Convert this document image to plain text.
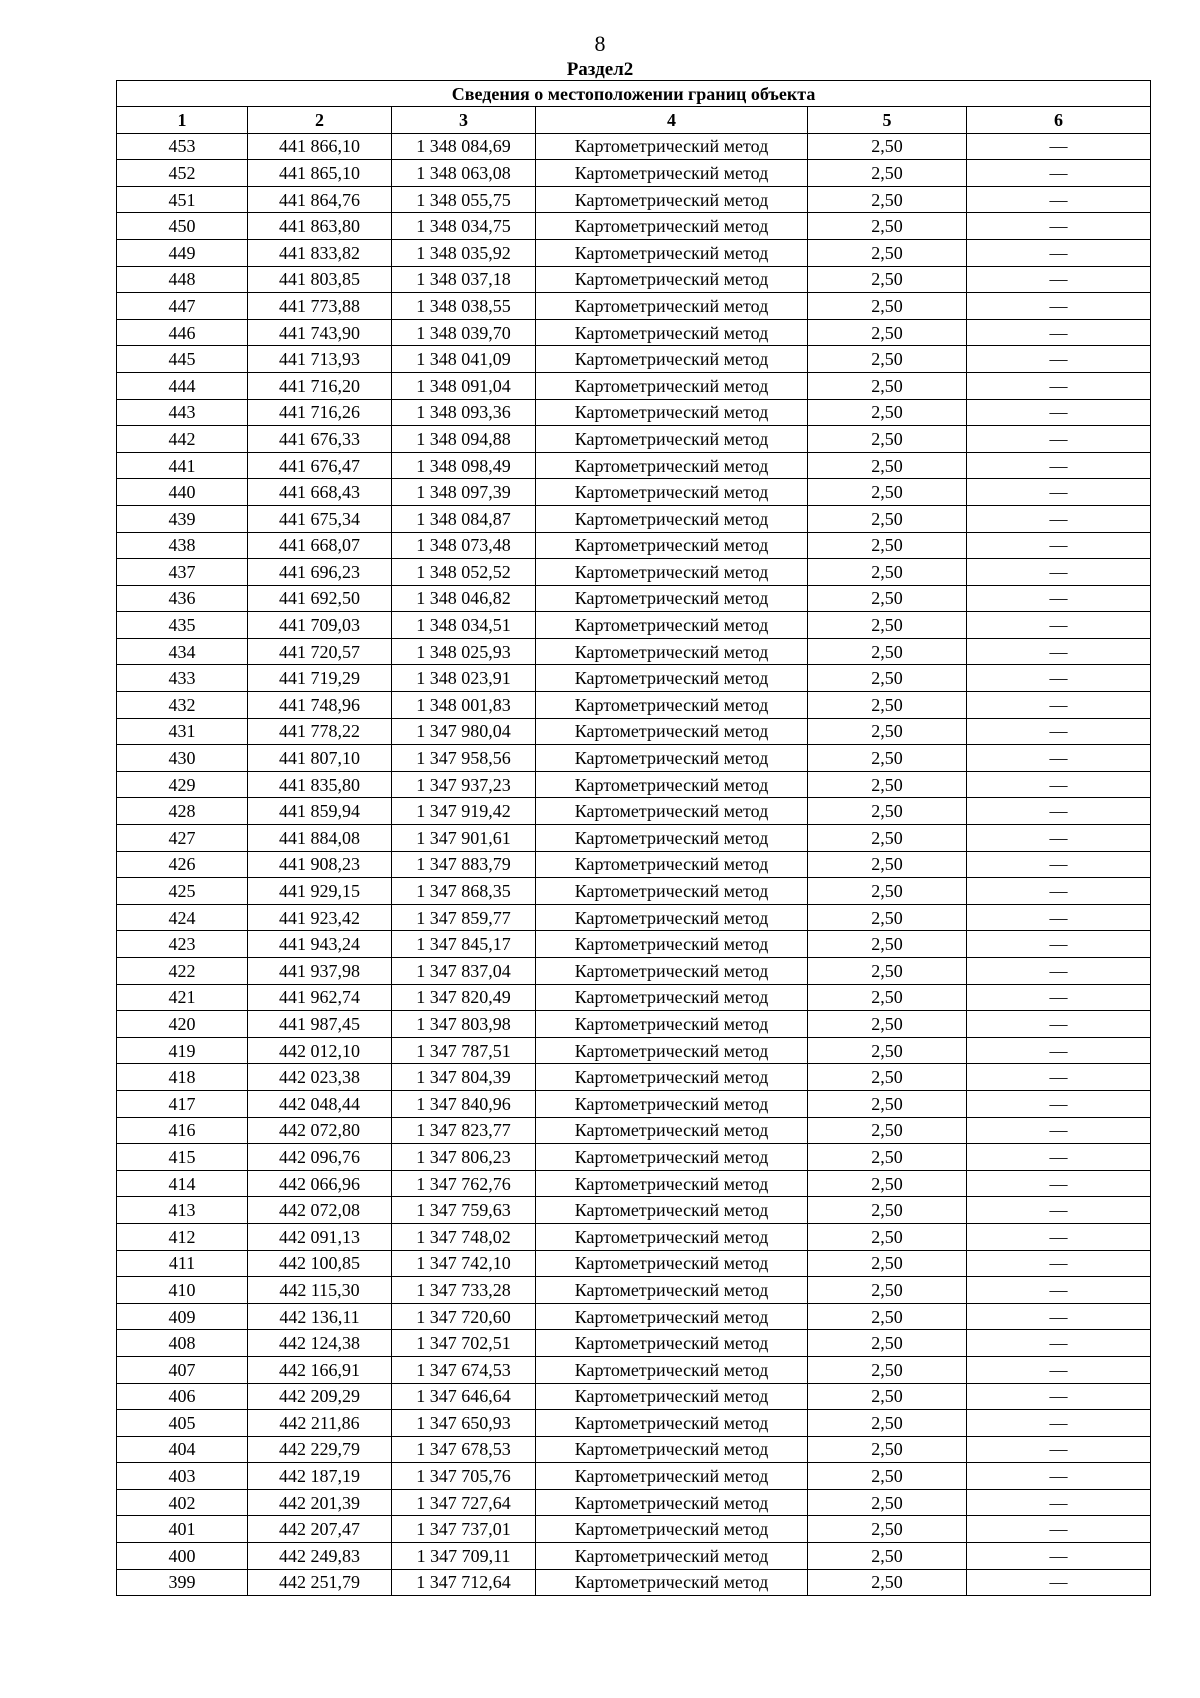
8
Раздел2
Сведения о местоположении границ объекта					
1	2	3	4	5	6
453	441 866,10	1 348 084,69	Картометрический метод	2,50	—
452	441 865,10	1 348 063,08	Картометрический метод	2,50	—
451	441 864,76	1 348 055,75	Картометрический метод	2,50	—
450	441 863,80	1 348 034,75	Картометрический метод	2,50	—
449	441 833,82	1 348 035,92	Картометрический метод	2,50	—
448	441 803,85	1 348 037,18	Картометрический метод	2,50	—
447	441 773,88	1 348 038,55	Картометрический метод	2,50	—
446	441 743,90	1 348 039,70	Картометрический метод	2,50	—
445	441 713,93	1 348 041,09	Картометрический метод	2,50	—
444	441 716,20	1 348 091,04	Картометрический метод	2,50	—
443	441 716,26	1 348 093,36	Картометрический метод	2,50	—
442	441 676,33	1 348 094,88	Картометрический метод	2,50	—
441	441 676,47	1 348 098,49	Картометрический метод	2,50	—
440	441 668,43	1 348 097,39	Картометрический метод	2,50	—
439	441 675,34	1 348 084,87	Картометрический метод	2,50	—
438	441 668,07	1 348 073,48	Картометрический метод	2,50	—
437	441 696,23	1 348 052,52	Картометрический метод	2,50	—
436	441 692,50	1 348 046,82	Картометрический метод	2,50	—
435	441 709,03	1 348 034,51	Картометрический метод	2,50	—
434	441 720,57	1 348 025,93	Картометрический метод	2,50	—
433	441 719,29	1 348 023,91	Картометрический метод	2,50	—
432	441 748,96	1 348 001,83	Картометрический метод	2,50	—
431	441 778,22	1 347 980,04	Картометрический метод	2,50	—
430	441 807,10	1 347 958,56	Картометрический метод	2,50	—
429	441 835,80	1 347 937,23	Картометрический метод	2,50	—
428	441 859,94	1 347 919,42	Картометрический метод	2,50	—
427	441 884,08	1 347 901,61	Картометрический метод	2,50	—
426	441 908,23	1 347 883,79	Картометрический метод	2,50	—
425	441 929,15	1 347 868,35	Картометрический метод	2,50	—
424	441 923,42	1 347 859,77	Картометрический метод	2,50	—
423	441 943,24	1 347 845,17	Картометрический метод	2,50	—
422	441 937,98	1 347 837,04	Картометрический метод	2,50	—
421	441 962,74	1 347 820,49	Картометрический метод	2,50	—
420	441 987,45	1 347 803,98	Картометрический метод	2,50	—
419	442 012,10	1 347 787,51	Картометрический метод	2,50	—
418	442 023,38	1 347 804,39	Картометрический метод	2,50	—
417	442 048,44	1 347 840,96	Картометрический метод	2,50	—
416	442 072,80	1 347 823,77	Картометрический метод	2,50	—
415	442 096,76	1 347 806,23	Картометрический метод	2,50	—
414	442 066,96	1 347 762,76	Картометрический метод	2,50	—
413	442 072,08	1 347 759,63	Картометрический метод	2,50	—
412	442 091,13	1 347 748,02	Картометрический метод	2,50	—
411	442 100,85	1 347 742,10	Картометрический метод	2,50	—
410	442 115,30	1 347 733,28	Картометрический метод	2,50	—
409	442 136,11	1 347 720,60	Картометрический метод	2,50	—
408	442 124,38	1 347 702,51	Картометрический метод	2,50	—
407	442 166,91	1 347 674,53	Картометрический метод	2,50	—
406	442 209,29	1 347 646,64	Картометрический метод	2,50	—
405	442 211,86	1 347 650,93	Картометрический метод	2,50	—
404	442 229,79	1 347 678,53	Картометрический метод	2,50	—
403	442 187,19	1 347 705,76	Картометрический метод	2,50	—
402	442 201,39	1 347 727,64	Картометрический метод	2,50	—
401	442 207,47	1 347 737,01	Картометрический метод	2,50	—
400	442 249,83	1 347 709,11	Картометрический метод	2,50	—
399	442 251,79	1 347 712,64	Картометрический метод	2,50	—
